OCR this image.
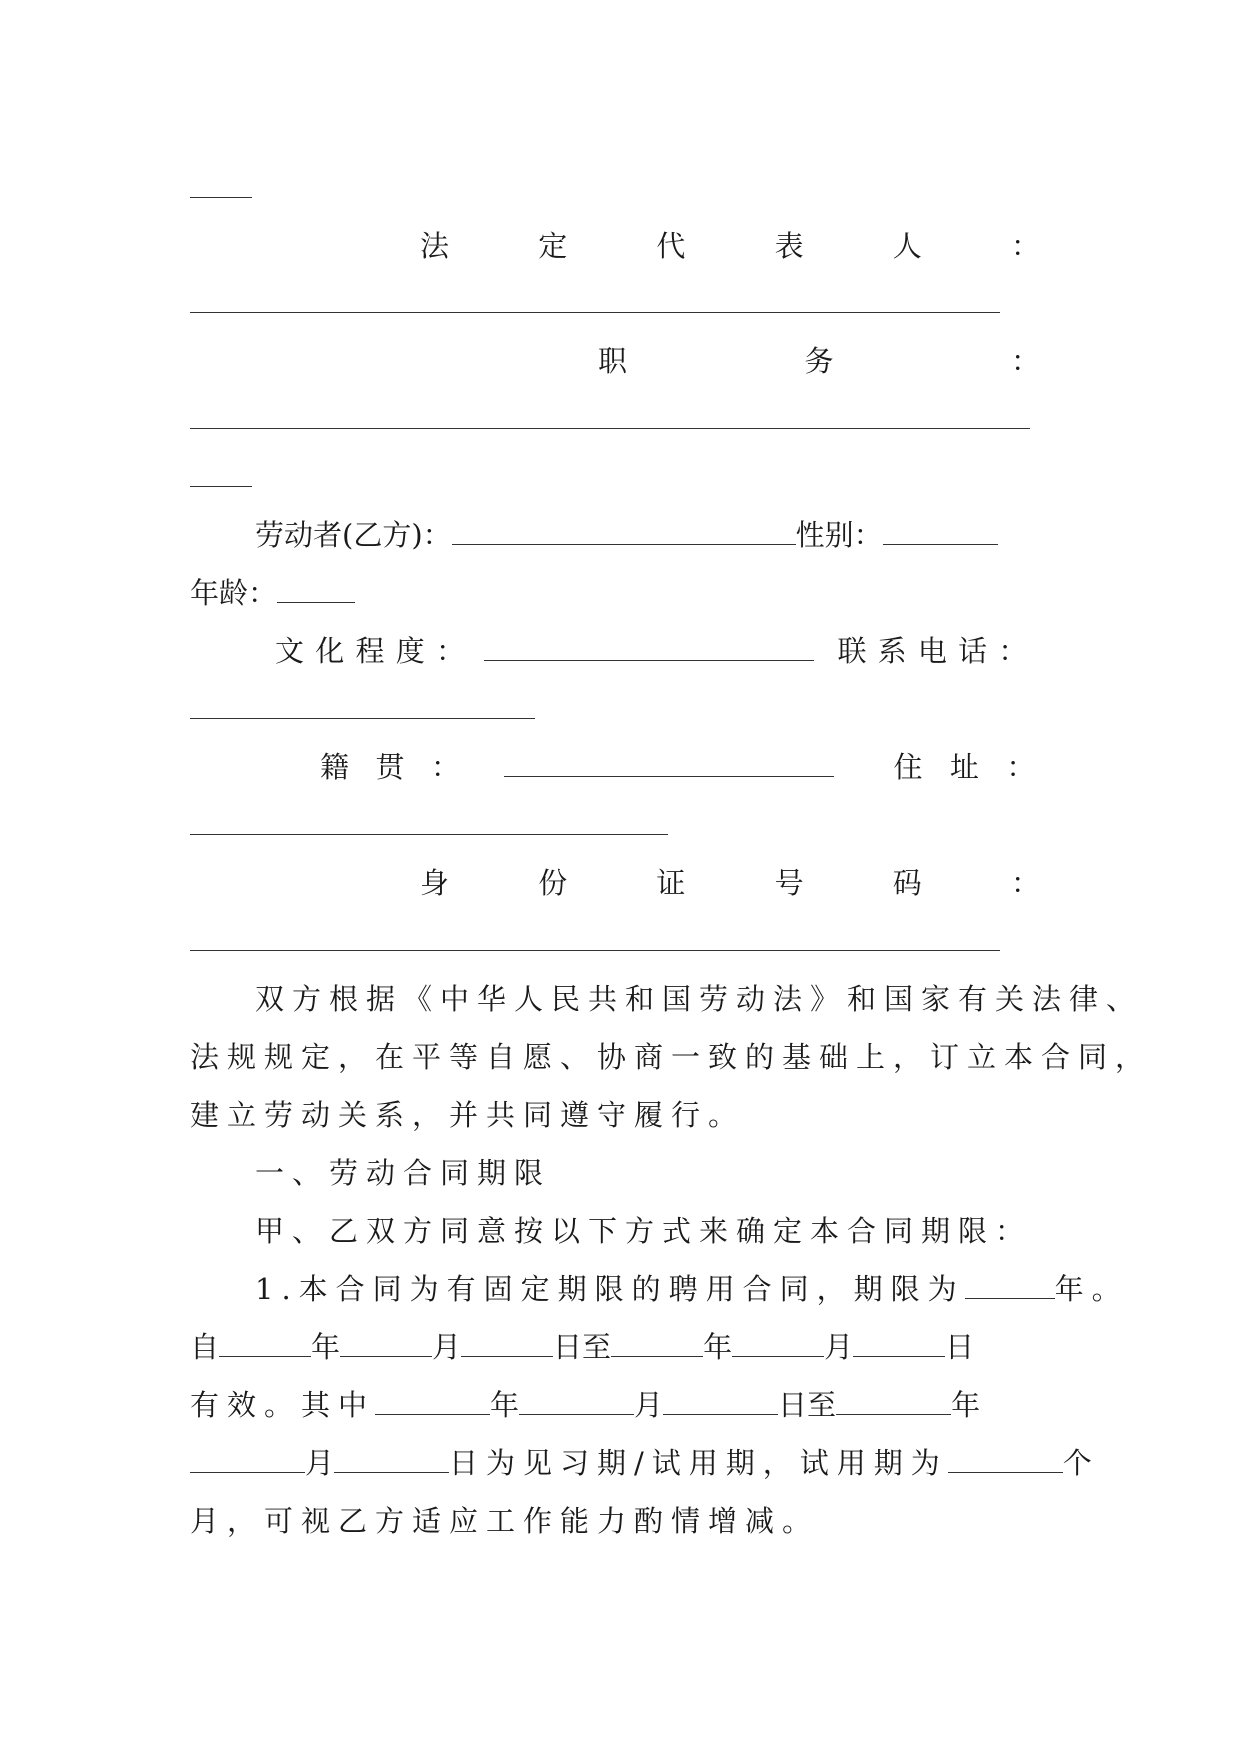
法	定	代	表	人	：
职	务	：
劳动者(乙方)：	性别：
年龄：
文 化 程 度 ：
	联 系 电 话 ：
籍 贯 ：
	住 址 ：
身	份	证	号	码	：
双方根据《中华人民共和国劳动法》和国家有关法律、
法规规定，在平等自愿、协商一致的基础上，订立本合同，
建立劳动关系，并共同遵守履行。
一、劳动合同期限
甲、乙双方同意按以下方式来确定本合同期限：
1.本合同为有固定期限的聘用合同，期限为	年。
自	年	月	日至	年	月	日
有效。其中	年	月	日至	年
月	日为见习期/试用期，试用期为	个
月，可视乙方适应工作能力酌情增减。
